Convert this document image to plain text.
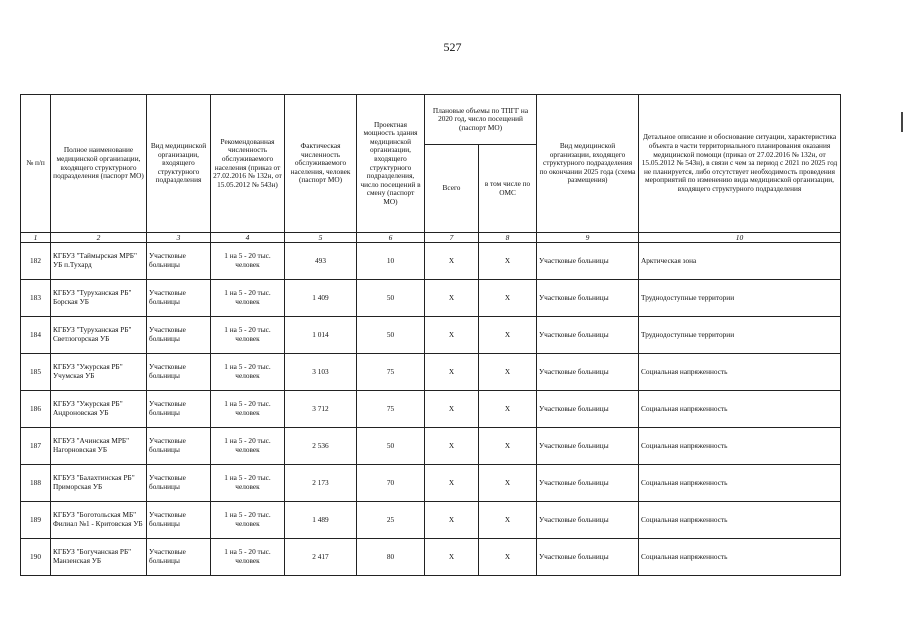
527
№ п/п	Полное наименование медицинской организации, входящего структурного подразделения (паспорт МО)	Вид медицинской организации, входящего структурного подразделения	Рекомендованная численность обслуживаемого населения (приказ от 27.02.2016 № 132н, от 15.05.2012 № 543н)	Фактическая численность обслуживаемого населения, человек (паспорт МО)	Проектная мощность здания медицинской организации, входящего структурного подразделения, число посещений в смену (паспорт МО)	Плановые объемы по ТПГГ на 2020 год, число посещений (паспорт МО)		Вид медицинской организации, входящего структурного подразделения по окончании 2025 года (схема размещения)	Детальное описание и обоснование ситуации, характеристика объекта в части территориального планирования оказания медицинской помощи (приказ от 27.02.2016 № 132н, от 15.05.2012 № 543н), в связи с чем за период с 2021 по 2025 год не планируется, либо отсутствует необходимость проведения мероприятий по изменению вида медицинской организации, входящего структурного подразделения
						Всего	в том числе по ОМС		
1	2	3	4	5	6	7	8	9	10
182	КГБУЗ "Таймырская МРБ" УБ п.Тухард	Участковые больницы	1 на 5 - 20 тыс. человек	493	10	X	X	Участковые больницы	Арктическая зона
183	КГБУЗ "Туруханская РБ" Борская УБ	Участковые больницы	1 на 5 - 20 тыс. человек	1 409	50	X	X	Участковые больницы	Труднодоступные территории
184	КГБУЗ "Туруханская РБ" Светлогорская УБ	Участковые больницы	1 на 5 - 20 тыс. человек	1 014	50	X	X	Участковые больницы	Труднодоступные территории
185	КГБУЗ "Ужурская РБ" Учумская УБ	Участковые больницы	1 на 5 - 20 тыс. человек	3 103	75	X	X	Участковые больницы	Социальная напряженность
186	КГБУЗ "Ужурская РБ" Андроновская УБ	Участковые больницы	1 на 5 - 20 тыс. человек	3 712	75	X	X	Участковые больницы	Социальная напряженность
187	КГБУЗ "Ачинская МРБ" Нагорновская УБ	Участковые больницы	1 на 5 - 20 тыс. человек	2 536	50	X	X	Участковые больницы	Социальная напряженность
188	КГБУЗ "Балахтинская РБ" Приморская УБ	Участковые больницы	1 на 5 - 20 тыс. человек	2 173	70	X	X	Участковые больницы	Социальная напряженность
189	КГБУЗ "Боготольская МБ" Филиал №1 - Критовская УБ	Участковые больницы	1 на 5 - 20 тыс. человек	1 489	25	X	X	Участковые больницы	Социальная напряженность
190	КГБУЗ "Богучанская РБ" Манзенская УБ	Участковые больницы	1 на 5 - 20 тыс. человек	2 417	80	X	X	Участковые больницы	Социальная напряженность
